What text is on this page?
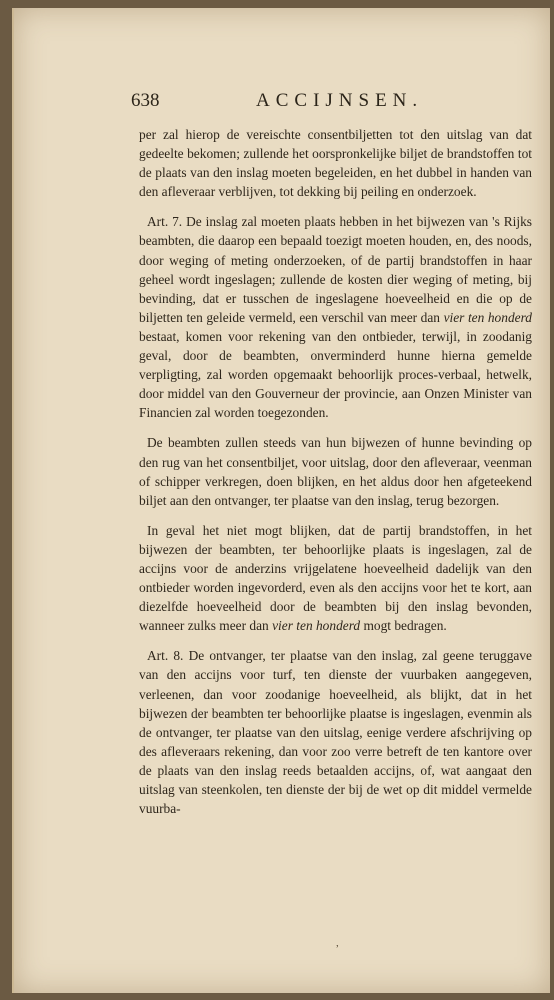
638	ACCIJNSEN.

per zal hierop de vereischte consentbiljetten tot den uitslag van dat gedeelte bekomen; zullende het oorspronkelijke biljet de brandstoffen tot de plaats van den inslag moeten begeleiden, en het dubbel in handen van den afleveraar verblijven, tot dekking bij peiling en onderzoek.

Art. 7. De inslag zal moeten plaats hebben in het bijwezen van 's Rijks beambten, die daarop een bepaald toezigt moeten houden, en, des noods, door weging of meting onderzoeken, of de partij brandstoffen in haar geheel wordt ingeslagen; zullende de kosten dier weging of meting, bij bevinding, dat er tusschen de ingeslagene hoeveelheid en die op de biljetten ten geleide vermeld, een verschil van meer dan vier ten honderd bestaat, komen voor rekening van den ontbieder, terwijl, in zoodanig geval, door de beambten, onverminderd hunne hierna gemelde verpligting, zal worden opgemaakt behoorlijk proces-verbaal, hetwelk, door middel van den Gouverneur der provincie, aan Onzen Minister van Financien zal worden toegezonden.

De beambten zullen steeds van hun bijwezen of hunne bevinding op den rug van het consentbiljet, voor uitslag, door den afleveraar, veenman of schipper verkregen, doen blijken, en het aldus door hen afgeteekend biljet aan den ontvanger, ter plaatse van den inslag, terug bezorgen.

In geval het niet mogt blijken, dat de partij brandstoffen, in het bijwezen der beambten, ter behoorlijke plaats is ingeslagen, zal de accijns voor de anderzins vrijgelatene hoeveelheid dadelijk van den ontbieder worden ingevorderd, even als den accijns voor het te kort, aan diezelfde hoeveelheid door de beambten bij den inslag bevonden, wanneer zulks meer dan vier ten honderd mogt bedragen.

Art. 8. De ontvanger, ter plaatse van den inslag, zal geene teruggave van den accijns voor turf, ten dienste der vuurbaken aangegeven, verleenen, dan voor zoodanige hoeveelheid, als blijkt, dat in het bijwezen der beambten ter behoorlijke plaatse is ingeslagen, evenmin als de ontvanger, ter plaatse van den uitslag, eenige verdere afschrijving op des afleveraars rekening, dan voor zoo verre betreft de ten kantore over de plaats van den inslag reeds betaalden accijns, of, wat aangaat den uitslag van steenkolen, ten dienste der bij de wet op dit middel vermelde vuurba-

,
